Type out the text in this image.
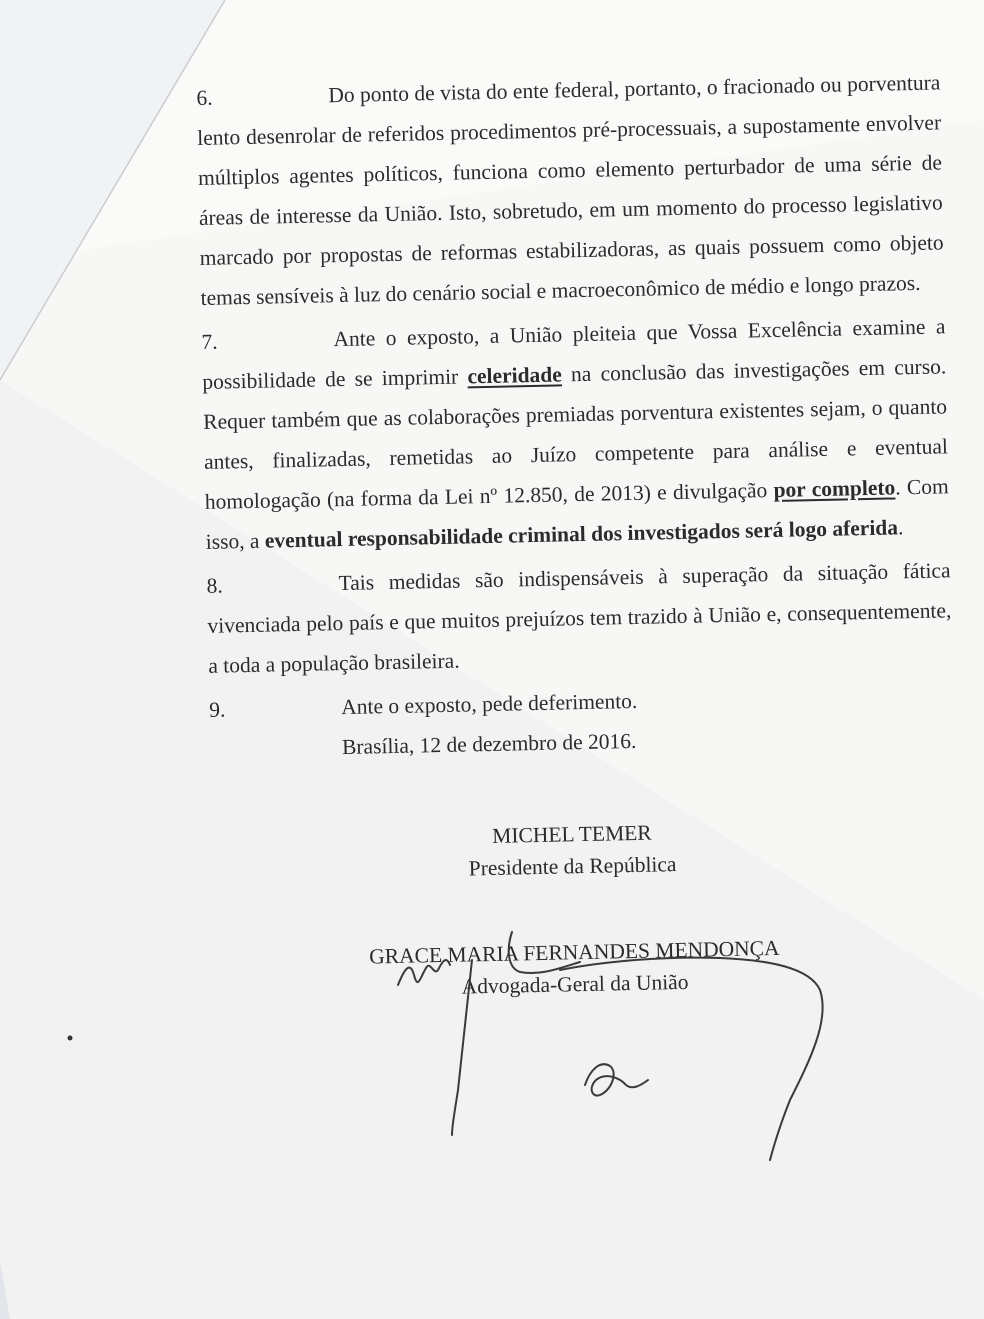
6.	Do ponto de vista do ente federal, portanto, o fracionado ou porventura lento desenrolar de referidos procedimentos pré-processuais, a supostamente envolver múltiplos agentes políticos, funciona como elemento perturbador de uma série de áreas de interesse da União. Isto, sobretudo, em um momento do processo legislativo marcado por propostas de reformas estabilizadoras, as quais possuem como objeto temas sensíveis à luz do cenário social e macroeconômico de médio e longo prazos.

7.	Ante o exposto, a União pleiteia que Vossa Excelência examine a possibilidade de se imprimir celeridade na conclusão das investigações em curso. Requer também que as colaborações premiadas porventura existentes sejam, o quanto antes, finalizadas, remetidas ao Juízo competente para análise e eventual homologação (na forma da Lei nº 12.850, de 2013) e divulgação por completo. Com isso, a eventual responsabilidade criminal dos investigados será logo aferida.

8.	Tais medidas são indispensáveis à superação da situação fática vivenciada pelo país e que muitos prejuízos tem trazido à União e, consequentemente, a toda a população brasileira.

9.	Ante o exposto, pede deferimento.
Brasília, 12 de dezembro de 2016.
MICHEL TEMER
Presidente da República
GRACE MARIA FERNANDES MENDONÇA
Advogada-Geral da União
